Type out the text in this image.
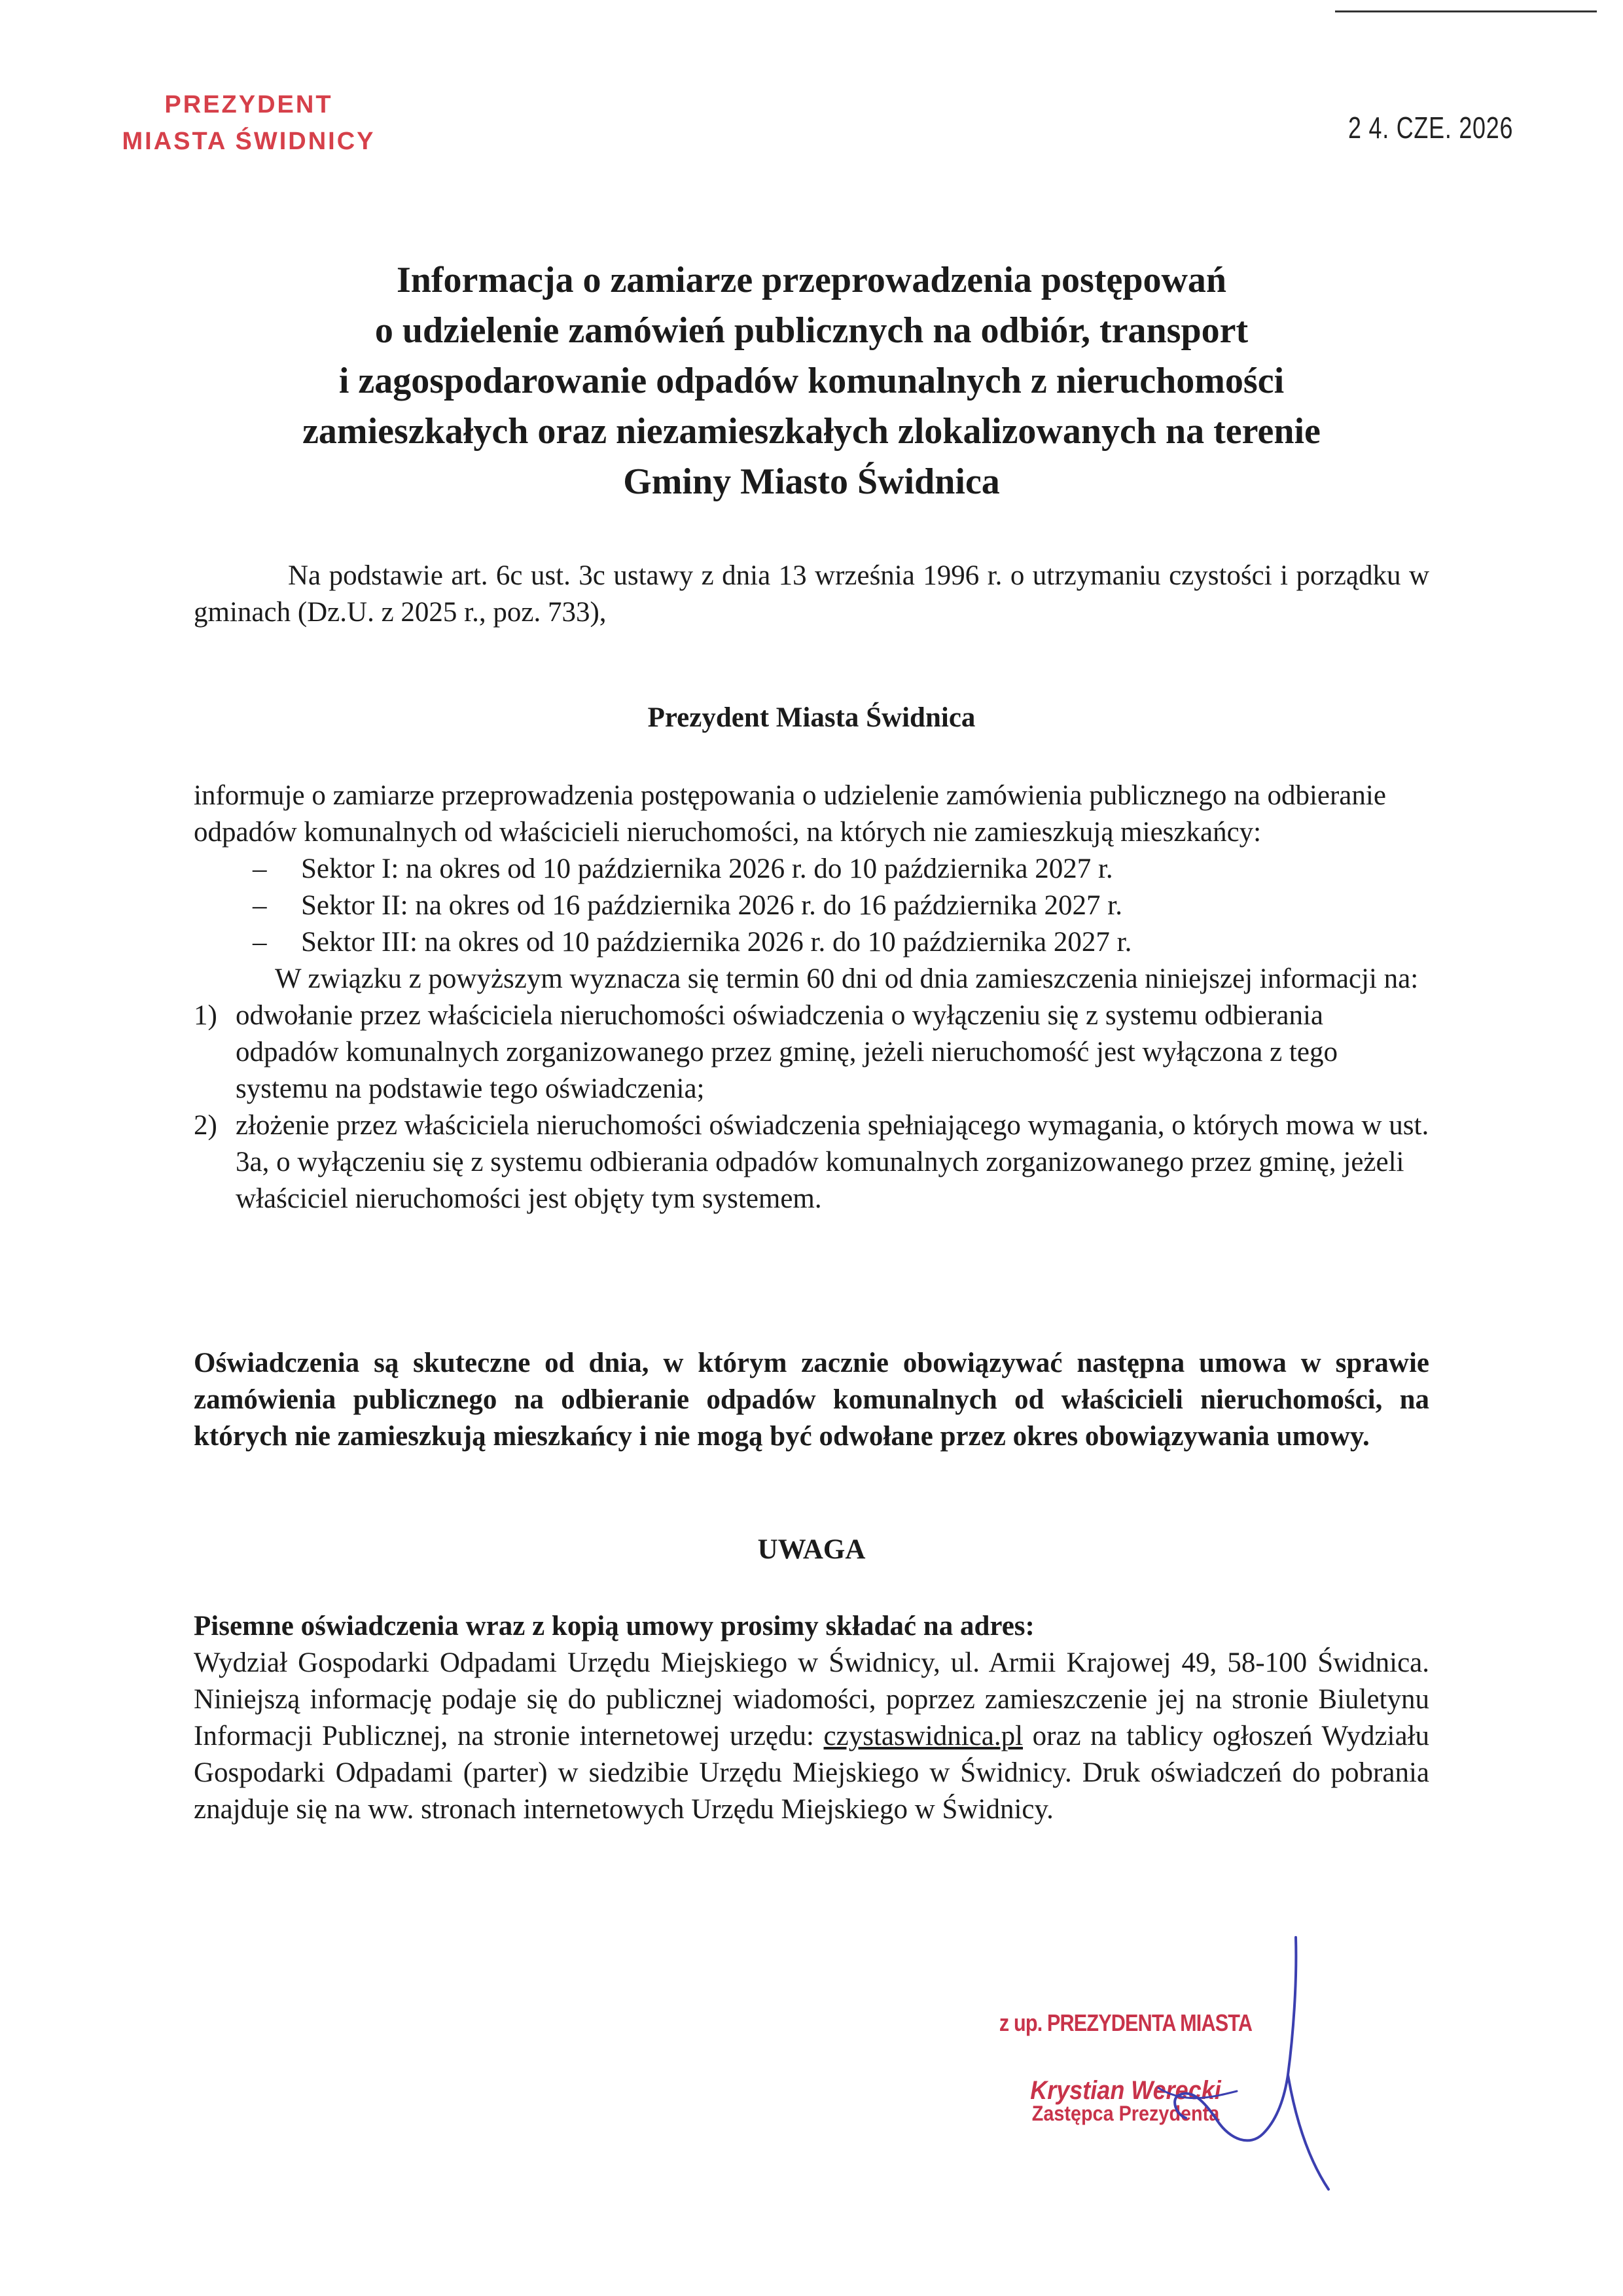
PREZYDENT
MIASTA ŚWIDNICY	2 4. CZE. 2026
Informacja o zamiarze przeprowadzenia postępowań
o udzielenie zamówień publicznych na odbiór, transport
i zagospodarowanie odpadów komunalnych z nieruchomości
zamieszkałych oraz niezamieszkałych zlokalizowanych na terenie
Gminy Miasto Świdnica
Na podstawie art. 6c ust. 3c ustawy z dnia 13 września 1996 r. o utrzymaniu czystości i porządku w gminach (Dz.U. z 2025 r., poz. 733),
Prezydent Miasta Świdnica

informuje o zamiarze przeprowadzenia postępowania o udzielenie zamówienia publicznego na odbieranie odpadów komunalnych od właścicieli nieruchomości, na których nie zamieszkują mieszkańcy:

– Sektor I: na okres od 10 października 2026 r. do 10 października 2027 r.

– Sektor II: na okres od 16 października 2026 r. do 16 października 2027 r.

– Sektor III: na okres od 10 października 2026 r. do 10 października 2027 r.

W związku z powyższym wyznacza się termin 60 dni od dnia zamieszczenia niniejszej informacji na:

1) odwołanie przez właściciela nieruchomości oświadczenia o wyłączeniu się z systemu odbierania odpadów komunalnych zorganizowanego przez gminę, jeżeli nieruchomość jest wyłączona z tego systemu na podstawie tego oświadczenia;

2) złożenie przez właściciela nieruchomości oświadczenia spełniającego wymagania, o których mowa w ust. 3a, o wyłączeniu się z systemu odbierania odpadów komunalnych zorganizowanego przez gminę, jeżeli właściciel nieruchomości jest objęty tym systemem.

Oświadczenia są skuteczne od dnia, w którym zacznie obowiązywać następna umowa w sprawie zamówienia publicznego na odbieranie odpadów komunalnych od właścicieli nieruchomości, na których nie zamieszkują mieszkańcy i nie mogą być odwołane przez okres obowiązywania umowy.
UWAGA
Pisemne oświadczenia wraz z kopią umowy prosimy składać na adres:
Wydział Gospodarki Odpadami Urzędu Miejskiego w Świdnicy, ul. Armii Krajowej 49, 58-100 Świdnica. Niniejszą informację podaje się do publicznej wiadomości, poprzez zamieszczenie jej na stronie Biuletynu Informacji Publicznej, na stronie internetowej urzędu: czystaswidnica.pl oraz na tablicy ogłoszeń Wydziału Gospodarki Odpadami (parter) w siedzibie Urzędu Miejskiego w Świdnicy. Druk oświadczeń do pobrania znajduje się na ww. stronach internetowych Urzędu Miejskiego w Świdnicy.
z up. PREZYDENTA MIASTA
Krystian Werecki
Zastępca Prezydenta
